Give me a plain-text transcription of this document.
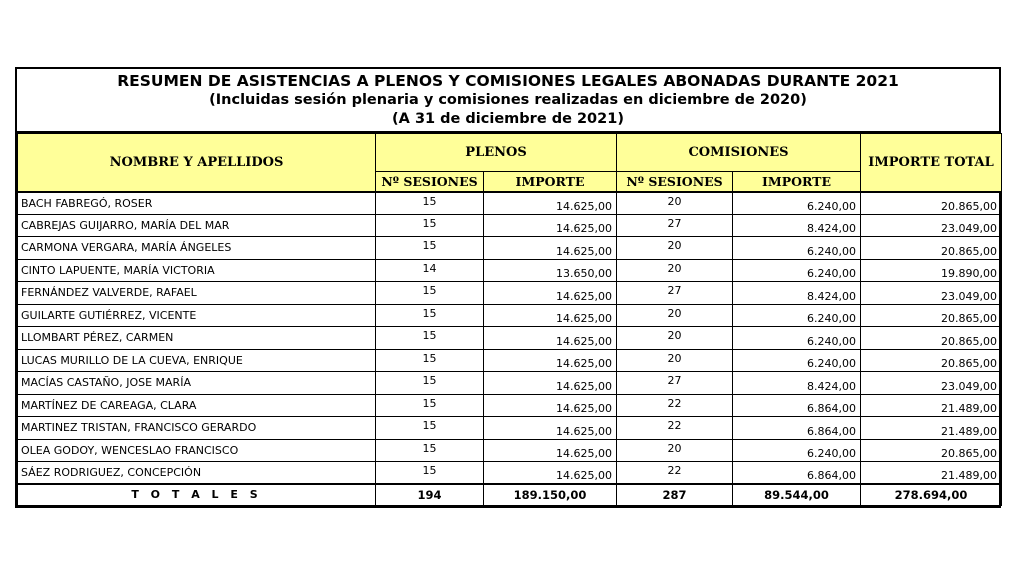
RESUMEN DE ASISTENCIAS A PLENOS Y COMISIONES LEGALES ABONADAS DURANTE 2021
(Incluidas sesión plenaria y comisiones realizadas en diciembre de 2020)
(A 31 de diciembre de 2021)
NOMBRE Y APELLIDOS	PLENOS		COMISIONES		IMPORTE TOTAL
	Nº SESIONES	IMPORTE	Nº SESIONES	IMPORTE	
BACH FABREGÓ, ROSER	15	14.625,00	20	6.240,00	20.865,00
CABREJAS GUIJARRO, MARÍA DEL MAR	15	14.625,00	27	8.424,00	23.049,00
CARMONA VERGARA, MARÍA ÁNGELES	15	14.625,00	20	6.240,00	20.865,00
CINTO LAPUENTE, MARÍA VICTORIA	14	13.650,00	20	6.240,00	19.890,00
FERNÁNDEZ VALVERDE, RAFAEL	15	14.625,00	27	8.424,00	23.049,00
GUILARTE GUTIÉRREZ, VICENTE	15	14.625,00	20	6.240,00	20.865,00
LLOMBART PÉREZ, CARMEN	15	14.625,00	20	6.240,00	20.865,00
LUCAS MURILLO DE LA CUEVA, ENRIQUE	15	14.625,00	20	6.240,00	20.865,00
MACÍAS CASTAÑO, JOSE MARÍA	15	14.625,00	27	8.424,00	23.049,00
MARTÍNEZ DE CAREAGA, CLARA	15	14.625,00	22	6.864,00	21.489,00
MARTINEZ TRISTAN, FRANCISCO GERARDO	15	14.625,00	22	6.864,00	21.489,00
OLEA GODOY, WENCESLAO FRANCISCO	15	14.625,00	20	6.240,00	20.865,00
SÁEZ RODRIGUEZ, CONCEPCIÓN	15	14.625,00	22	6.864,00	21.489,00
T O T A L E S	194	189.150,00	287	89.544,00	278.694,00
